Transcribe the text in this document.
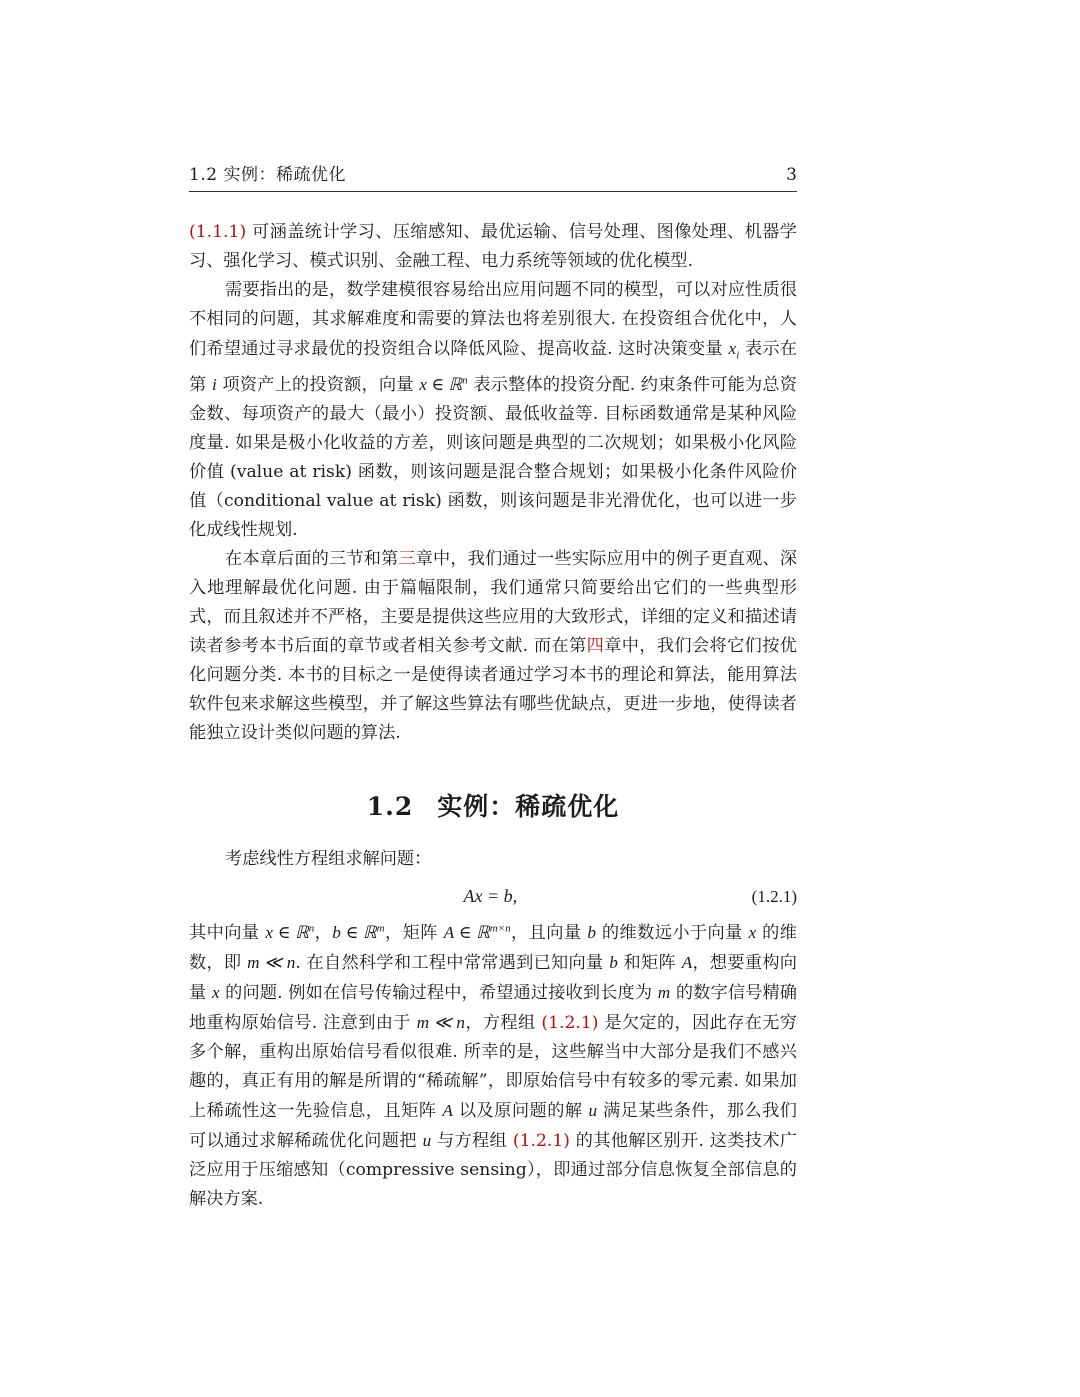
1.2 实例：稀疏优化	3

(1.1.1) 可涵盖统计学习、压缩感知、最优运输、信号处理、图像处理、机器学习、强化学习、模式识别、金融工程、电力系统等领域的优化模型.

需要指出的是，数学建模很容易给出应用问题不同的模型，可以对应性质很不相同的问题，其求解难度和需要的算法也将差别很大. 在投资组合优化中，人们希望通过寻求最优的投资组合以降低风险、提高收益. 这时决策变量 $x_i$ 表示在第 i 项资产上的投资额，向量 x ∈ ℝ$^n$ 表示整体的投资分配. 约束条件可能为总资金数、每项资产的最大（最小）投资额、最低收益等. 目标函数通常是某种风险度量. 如果是极小化收益的方差，则该问题是典型的二次规划；如果极小化风险价值 (value at risk) 函数，则该问题是混合整合规划；如果极小化条件风险价值（conditional value at risk) 函数，则该问题是非光滑优化，也可以进一步化成线性规划.

在本章后面的三节和第三章中，我们通过一些实际应用中的例子更直观、深入地理解最优化问题. 由于篇幅限制，我们通常只简要给出它们的一些典型形式，而且叙述并不严格，主要是提供这些应用的大致形式，详细的定义和描述请读者参考本书后面的章节或者相关参考文献. 而在第四章中，我们会将它们按优化问题分类. 本书的目标之一是使得读者通过学习本书的理论和算法，能用算法软件包来求解这些模型，并了解这些算法有哪些优缺点，更进一步地，使得读者能独立设计类似问题的算法.

1.2 实例：稀疏优化

考虑线性方程组求解问题：

Ax = b,	(1.2.1)

其中向量 x ∈ ℝ$^n$，b ∈ ℝ$^m$，矩阵 A ∈ ℝ$^{m\times n}$，且向量 b 的维数远小于向量 x 的维数，即 m ≪ n. 在自然科学和工程中常常遇到已知向量 b 和矩阵 A，想要重构向量 x 的问题. 例如在信号传输过程中，希望通过接收到长度为 m 的数字信号精确地重构原始信号. 注意到由于 m ≪ n，方程组 (1.2.1) 是欠定的，因此存在无穷多个解，重构出原始信号看似很难. 所幸的是，这些解当中大部分是我们不感兴趣的，真正有用的解是所谓的“稀疏解”，即原始信号中有较多的零元素. 如果加上稀疏性这一先验信息，且矩阵 A 以及原问题的解 u 满足某些条件，那么我们可以通过求解稀疏优化问题把 u 与方程组 (1.2.1) 的其他解区别开. 这类技术广泛应用于压缩感知（compressive sensing），即通过部分信息恢复全部信息的解决方案.
